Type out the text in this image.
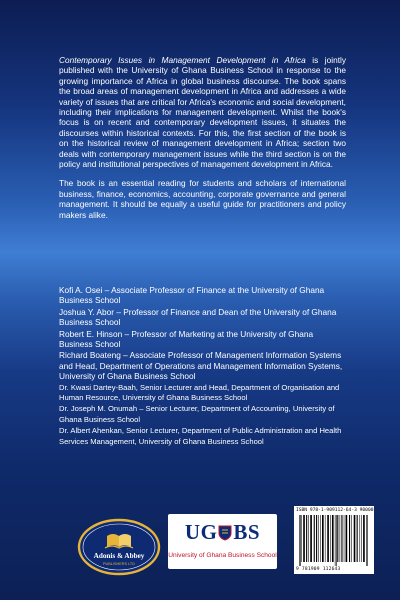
Contemporary Issues in Management Development in Africa is jointly published with the University of Ghana Business School in response to the growing importance of Africa in global business discourse. The book spans the broad areas of management development in Africa and addresses a wide variety of issues that are critical for Africa's economic and social development, including their implications for management development. Whilst the book's focus is on recent and contemporary development issues, it situates the discourses within historical contexts. For this, the first section of the book is on the historical review of management development in Africa; section two deals with contemporary management issues while the third section is on the policy and institutional perspectives of management development in Africa.

The book is an essential reading for students and scholars of international business, finance, economics, accounting, corporate governance and general management. It should be equally a useful guide for practitioners and policy makers alike.

Kofi A. Osei – Associate Professor of Finance at the University of Ghana Business School
Joshua Y. Abor – Professor of Finance and Dean of the University of Ghana Business School
Robert E. Hinson – Professor of Marketing at the University of Ghana Business School
Richard Boateng – Associate Professor of Management Information Systems and Head, Department of Operations and Management Information Systems, University of Ghana Business School
Dr. Kwasi Dartey-Baah, Senior Lecturer and Head, Department of Organisation and Human Resource, University of Ghana Business School
Dr. Joseph M. Onumah – Senior Lecturer, Department of Accounting, University of Ghana Business School
Dr. Albert Ahenkan, Senior Lecturer, Department of Public Administration and Health Services Management, University of Ghana Business School
Adonis & Abbey
PUBLISHERS LTD
UG BS
University of Ghana Business School
ISBN 978-1-909112-64-3 90000
9 781909 112643
